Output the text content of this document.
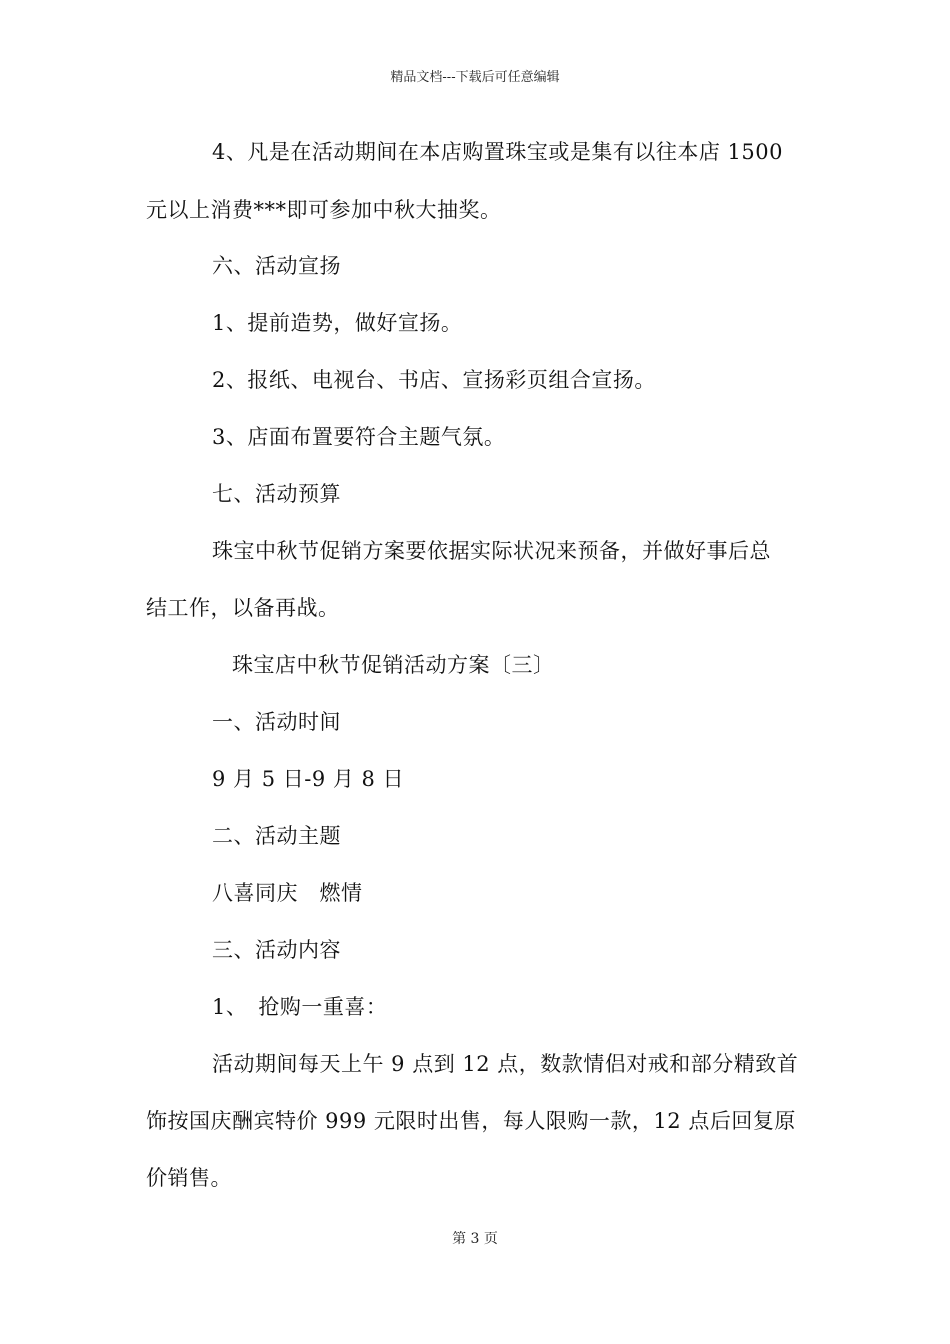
精品文档---下载后可任意编辑
4、凡是在活动期间在本店购置珠宝或是集有以往本店 1500
元以上消费***即可参加中秋大抽奖。
六、活动宣扬
1、提前造势，做好宣扬。
2、报纸、电视台、书店、宣扬彩页组合宣扬。
3、店面布置要符合主题气氛。
七、活动预算
珠宝中秋节促销方案要依据实际状况来预备，并做好事后总
结工作，以备再战。
珠宝店中秋节促销活动方案〔三〕
一、活动时间
9 月 5 日-9 月 8 日
二、活动主题
八喜同庆　燃情
三、活动内容
1、　抢购一重喜：
活动期间每天上午 9 点到 12 点，数款情侣对戒和部分精致首
饰按国庆酬宾特价 999 元限时出售，每人限购一款，12 点后回复原
价销售。
第 3 页
